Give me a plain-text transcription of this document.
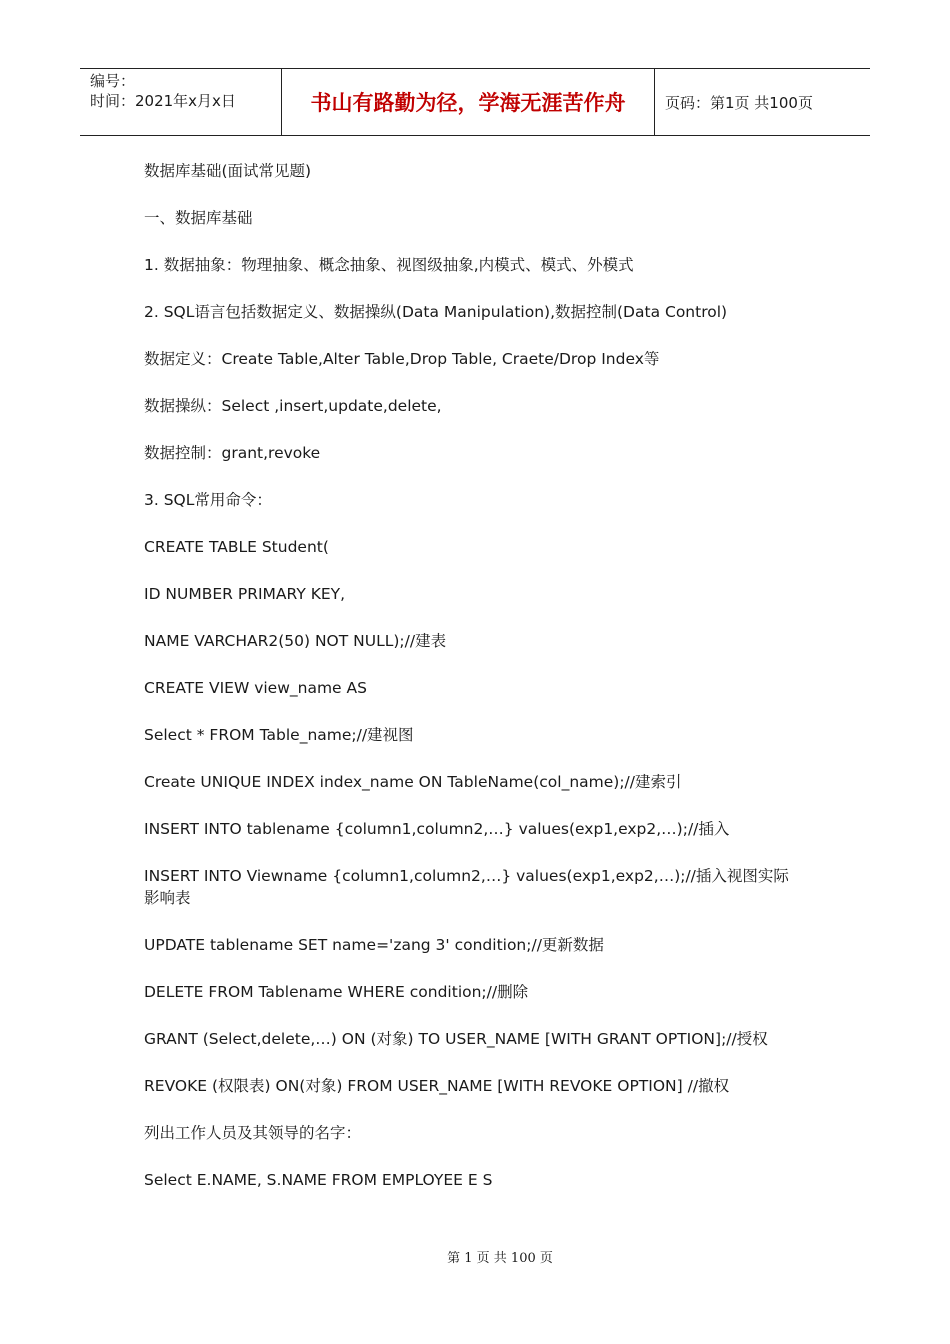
编号：
时间：2021年x月x日	书山有路勤为径，学海无涯苦作舟	页码：第1页 共100页

数据库基础(面试常见题)

一、数据库基础

1. 数据抽象：物理抽象、概念抽象、视图级抽象,内模式、模式、外模式

2. SQL语言包括数据定义、数据操纵(Data Manipulation),数据控制(Data Control)

数据定义：Create Table,Alter Table,Drop Table, Craete/Drop Index等

数据操纵：Select ,insert,update,delete,

数据控制：grant,revoke

3. SQL常用命令：

CREATE TABLE Student(

ID NUMBER PRIMARY KEY,

NAME VARCHAR2(50) NOT NULL);//建表

CREATE VIEW view_name AS

Select * FROM Table_name;//建视图

Create UNIQUE INDEX index_name ON TableName(col_name);//建索引

INSERT INTO tablename {column1,column2,…} values(exp1,exp2,…);//插入

INSERT INTO Viewname {column1,column2,…} values(exp1,exp2,…);//插入视图实际影响表

UPDATE tablename SET name='zang 3' condition;//更新数据

DELETE FROM Tablename WHERE condition;//删除

GRANT (Select,delete,…) ON (对象) TO USER_NAME [WITH GRANT OPTION];//授权

REVOKE (权限表) ON(对象) FROM USER_NAME [WITH REVOKE OPTION] //撤权

列出工作人员及其领导的名字：

Select E.NAME, S.NAME FROM EMPLOYEE E S

第 1 页 共 100 页
